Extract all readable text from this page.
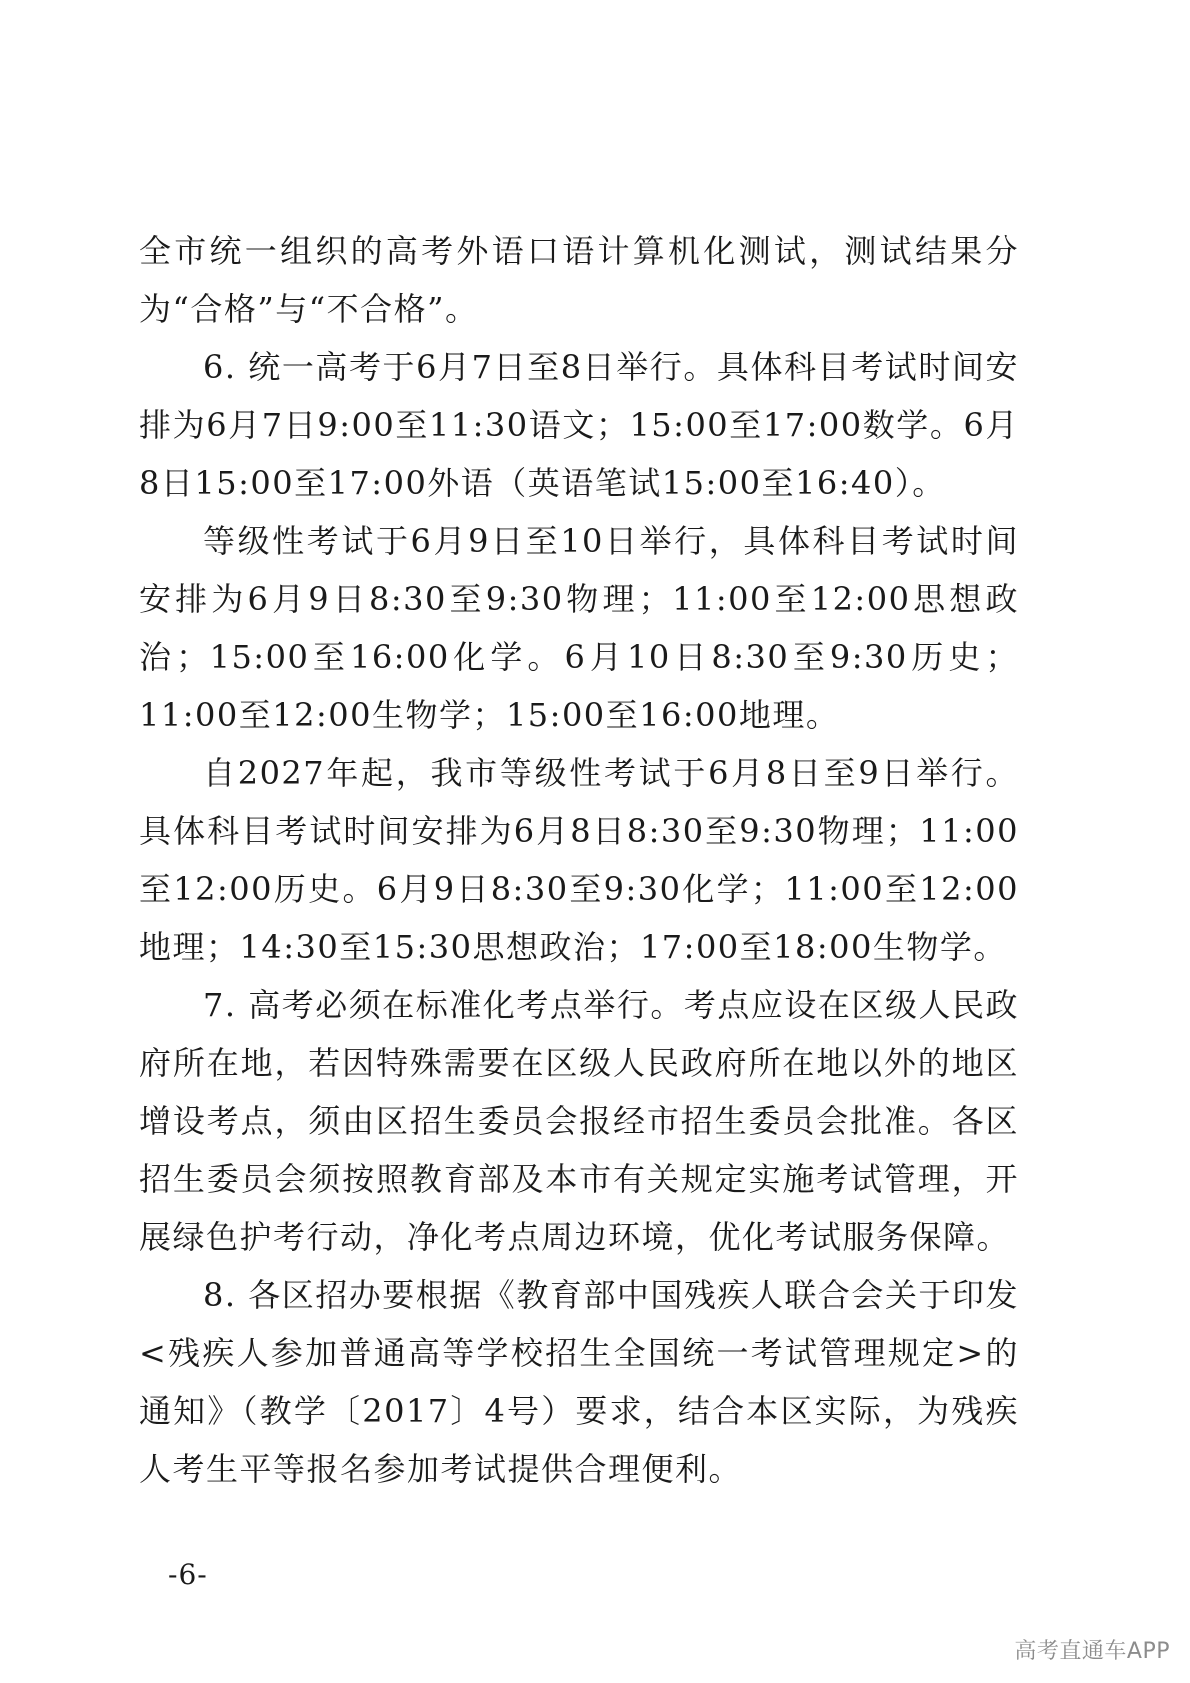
全市统一组织的高考外语口语计算机化测试，测试结果分为“合格”与“不合格”。

6. 统一高考于6月7日至8日举行。具体科目考试时间安排为6月7日9:00至11:30语文；15:00至17:00数学。6月8日15:00至17:00外语（英语笔试15:00至16:40）。

等级性考试于6月9日至10日举行，具体科目考试时间安排为6月9日8:30至9:30物理；11:00至12:00思想政治；15:00至16:00化学。6月10日8:30至9:30历史；11:00至12:00生物学；15:00至16:00地理。

自2027年起，我市等级性考试于6月8日至9日举行。具体科目考试时间安排为6月8日8:30至9:30物理；11:00至12:00历史。6月9日8:30至9:30化学；11:00至12:00地理；14:30至15:30思想政治；17:00至18:00生物学。

7. 高考必须在标准化考点举行。考点应设在区级人民政府所在地，若因特殊需要在区级人民政府所在地以外的地区增设考点，须由区招生委员会报经市招生委员会批准。各区招生委员会须按照教育部及本市有关规定实施考试管理，开展绿色护考行动，净化考点周边环境，优化考试服务保障。

8. 各区招办要根据《教育部中国残疾人联合会关于印发<残疾人参加普通高等学校招生全国统一考试管理规定>的通知》（教学〔2017〕4号）要求，结合本区实际，为残疾人考生平等报名参加考试提供合理便利。

-6-
高考直通车APP
